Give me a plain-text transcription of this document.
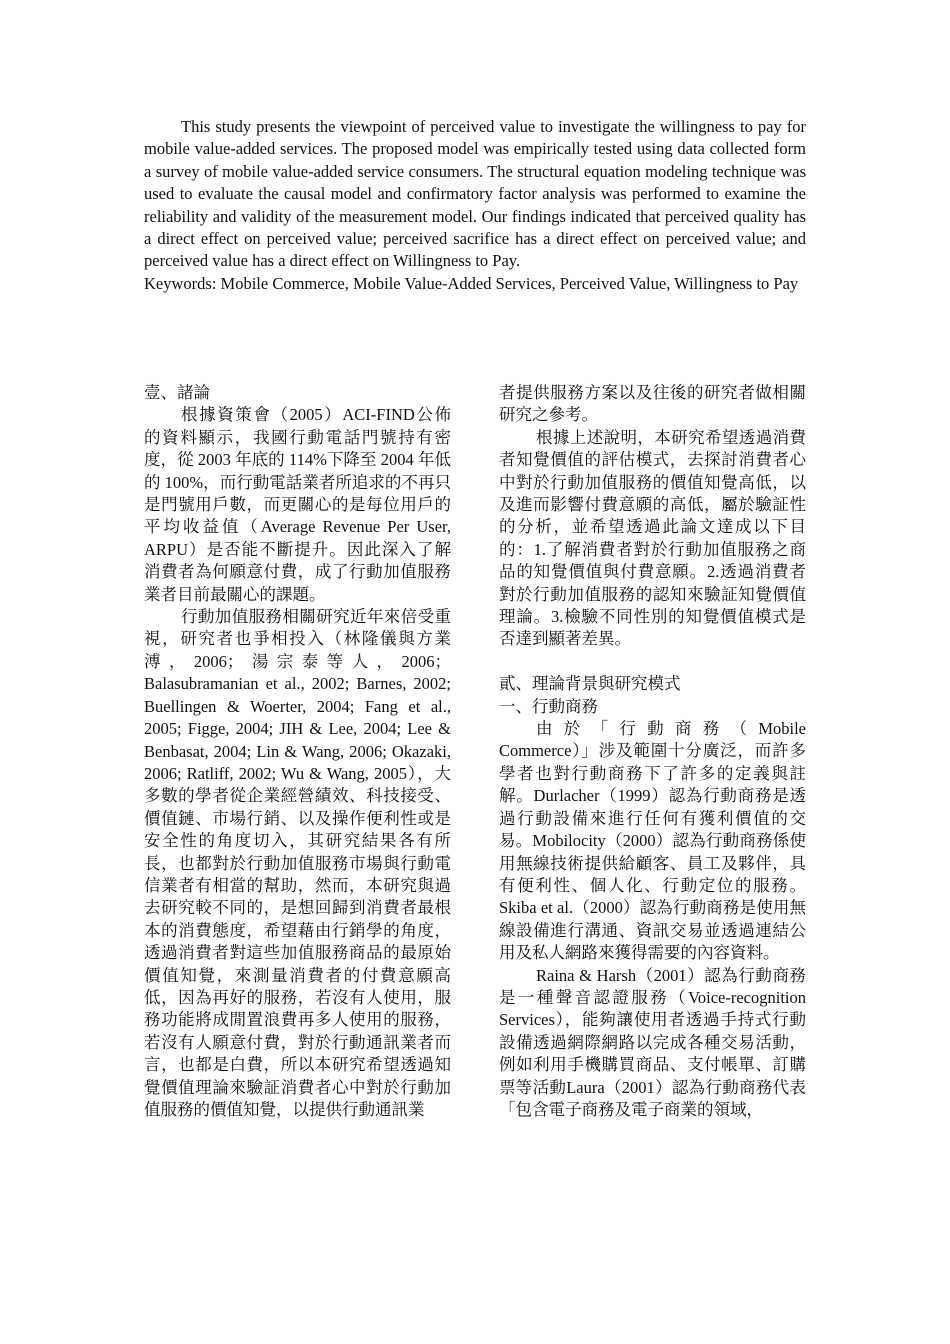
This study presents the viewpoint of perceived value to investigate the willingness to pay for mobile value-added services. The proposed model was empirically tested using data collected form a survey of mobile value-added service consumers. The structural equation modeling technique was used to evaluate the causal model and confirmatory factor analysis was performed to examine the reliability and validity of the measurement model. Our findings indicated that perceived quality has a direct effect on perceived value; perceived sacrifice has a direct effect on perceived value; and perceived value has a direct effect on Willingness to Pay.

Keywords: Mobile Commerce, Mobile Value-Added Services, Perceived Value, Willingness to Pay

壹、諸論

根據資策會（2005）ACI-FIND公佈的資料顯示，我國行動電話門號持有密度，從 2003 年底的 114%下降至 2004 年低的 100%，而行動電話業者所追求的不再只是門號用戶數，而更關心的是每位用戶的平均收益值（Average Revenue Per User, ARPU）是否能不斷提升。因此深入了解消費者為何願意付費，成了行動加值服務業者目前最關心的課題。

行動加值服務相關研究近年來倍受重視，研究者也爭相投入（林隆儀與方業溥，2006；湯宗泰等人，2006； Balasubramanian et al., 2002; Barnes, 2002; Buellingen & Woerter, 2004; Fang et al., 2005; Figge, 2004; JIH & Lee, 2004; Lee & Benbasat, 2004; Lin & Wang, 2006; Okazaki, 2006; Ratliff, 2002; Wu & Wang, 2005），大多數的學者從企業經營績效、科技接受、價值鏈、市場行銷、以及操作便利性或是安全性的角度切入，其研究結果各有所長，也都對於行動加值服務市場與行動電信業者有相當的幫助，然而，本研究與過去研究較不同的，是想回歸到消費者最根本的消費態度，希望藉由行銷學的角度，透過消費者對這些加值服務商品的最原始價值知覺，來測量消費者的付費意願高低，因為再好的服務，若沒有人使用，服務功能將成閒置浪費再多人使用的服務，若沒有人願意付費，對於行動通訊業者而言，也都是白費，所以本研究希望透過知覺價值理論來驗証消費者心中對於行動加值服務的價值知覺，以提供行動通訊業

者提供服務方案以及往後的研究者做相關研究之參考。

根據上述說明，本研究希望透過消費者知覺價值的評估模式，去探討消費者心中對於行動加值服務的價值知覺高低，以及進而影響付費意願的高低，屬於驗証性的分析，並希望透過此論文達成以下目的：1.了解消費者對於行動加值服務之商品的知覺價值與付費意願。2.透過消費者對於行動加值服務的認知來驗証知覺價值理論。3.檢驗不同性別的知覺價值模式是否達到顯著差異。

貳、理論背景與研究模式

一、行動商務

由於「行動商務（Mobile Commerce）」涉及範圍十分廣泛，而許多學者也對行動商務下了許多的定義與註解。Durlacher（1999）認為行動商務是透過行動設備來進行任何有獲利價值的交易。Mobilocity（2000）認為行動商務係使用無線技術提供給顧客、員工及夥伴，具有便利性、個人化、行動定位的服務。Skiba et al.（2000）認為行動商務是使用無線設備進行溝通、資訊交易並透過連結公用及私人網路來獲得需要的內容資料。

Raina & Harsh（2001）認為行動商務是一種聲音認證服務（Voice-recognition Services），能夠讓使用者透過手持式行動設備透過網際網路以完成各種交易活動，例如利用手機購買商品、支付帳單、訂購票等活動Laura（2001）認為行動商務代表「包含電子商務及電子商業的領域，
